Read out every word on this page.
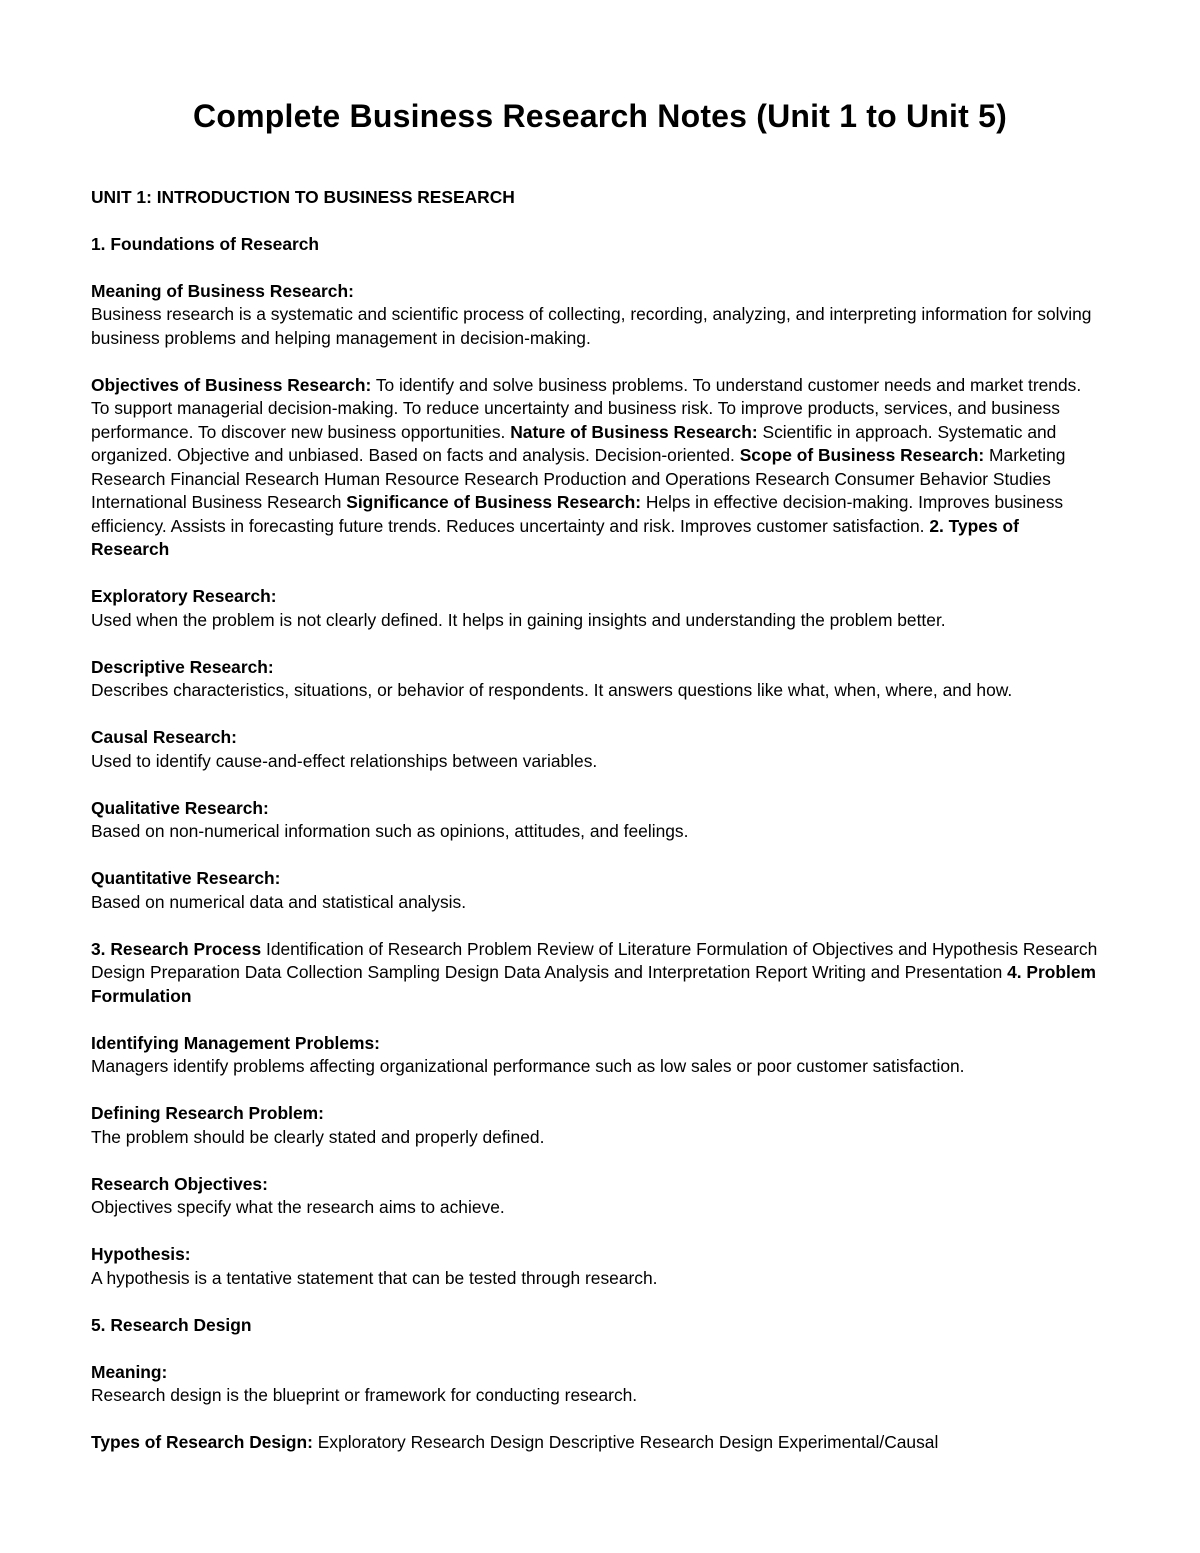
Complete Business Research Notes (Unit 1 to Unit 5)

UNIT 1: INTRODUCTION TO BUSINESS RESEARCH

1. Foundations of Research

Meaning of Business Research:
Business research is a systematic and scientific process of collecting, recording, analyzing, and interpreting information for solving business problems and helping management in decision-making.

Objectives of Business Research: To identify and solve business problems. To understand customer needs and market trends. To support managerial decision-making. To reduce uncertainty and business risk. To improve products, services, and business performance. To discover new business opportunities. Nature of Business Research: Scientific in approach. Systematic and organized. Objective and unbiased. Based on facts and analysis. Decision-oriented. Scope of Business Research: Marketing Research Financial Research Human Resource Research Production and Operations Research Consumer Behavior Studies International Business Research Significance of Business Research: Helps in effective decision-making. Improves business efficiency. Assists in forecasting future trends. Reduces uncertainty and risk. Improves customer satisfaction. 2. Types of Research

Exploratory Research:
Used when the problem is not clearly defined. It helps in gaining insights and understanding the problem better.

Descriptive Research:
Describes characteristics, situations, or behavior of respondents. It answers questions like what, when, where, and how.

Causal Research:
Used to identify cause-and-effect relationships between variables.

Qualitative Research:
Based on non-numerical information such as opinions, attitudes, and feelings.

Quantitative Research:
Based on numerical data and statistical analysis.

3. Research Process Identification of Research Problem Review of Literature Formulation of Objectives and Hypothesis Research Design Preparation Data Collection Sampling Design Data Analysis and Interpretation Report Writing and Presentation 4. Problem Formulation

Identifying Management Problems:
Managers identify problems affecting organizational performance such as low sales or poor customer satisfaction.

Defining Research Problem:
The problem should be clearly stated and properly defined.

Research Objectives:
Objectives specify what the research aims to achieve.

Hypothesis:
A hypothesis is a tentative statement that can be tested through research.

5. Research Design

Meaning:
Research design is the blueprint or framework for conducting research.

Types of Research Design: Exploratory Research Design Descriptive Research Design Experimental/Causal
